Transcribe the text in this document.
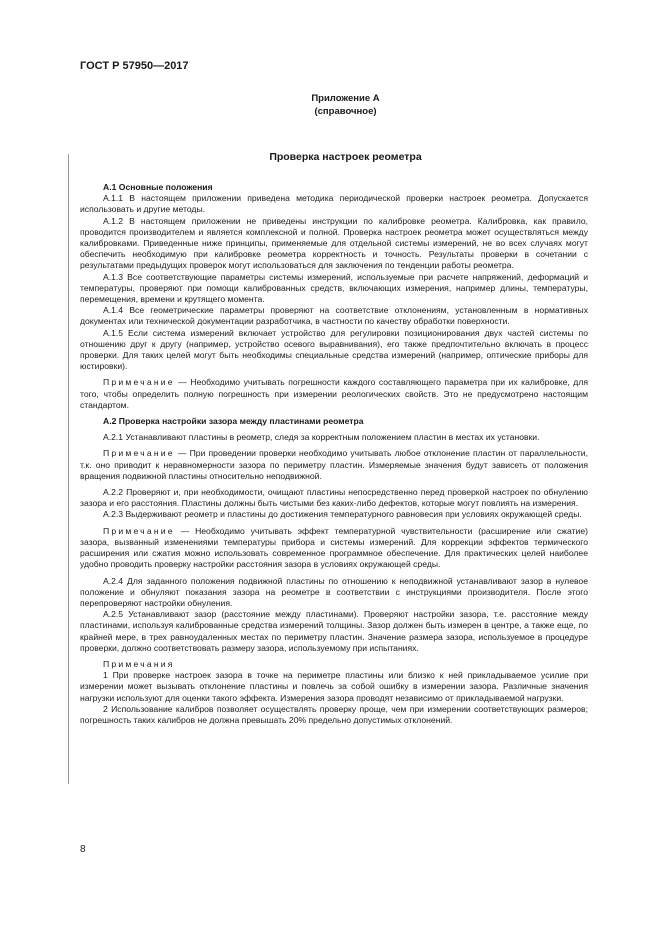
ГОСТ Р 57950—2017
Приложение А
(справочное)
Проверка настроек реометра

А.1 Основные положения

А.1.1 В настоящем приложении приведена методика периодической проверки настроек реометра. Допускается использовать и другие методы.

А.1.2 В настоящем приложении не приведены инструкции по калибровке реометра. Калибровка, как правило, проводится производителем и является комплексной и полной. Проверка настроек реометра может осуществляться между калибровками. Приведенные ниже принципы, применяемые для отдельной системы измерений, не во всех случаях могут обеспечить необходимую при калибровке реометра корректность и точность. Результаты проверки в сочетании с результатами предыдущих проверок могут использоваться для заключения по тенденции работы реометра.

А.1.3 Все соответствующие параметры системы измерений, используемые при расчете напряжений, деформаций и температуры, проверяют при помощи калиброванных средств, включающих измерения, например длины, температуры, перемещения, времени и крутящего момента.

А.1.4 Все геометрические параметры проверяют на соответствие отклонениям, установленным в нормативных документах или технической документации разработчика, в частности по качеству обработки поверхности.

А.1.5 Если система измерений включает устройство для регулировки позиционирования двух частей системы по отношению друг к другу (например, устройство осевого выравнивания), его также предпочтительно включать в процесс проверки. Для таких целей могут быть необходимы специальные средства измерений (например, оптические приборы для юстировки).

Примечание — Необходимо учитывать погрешности каждого составляющего параметра при их калибровке, для того, чтобы определить полную погрешность при измерении реологических свойств. Это не предусмотрено настоящим стандартом.

А.2 Проверка настройки зазора между пластинами реометра

А.2.1 Устанавливают пластины в реометр, следя за корректным положением пластин в местах их установки.

Примечание — При проведении проверки необходимо учитывать любое отклонение пластин от параллельности, т.к. оно приводит к неравномерности зазора по периметру пластин. Измеряемые значения будут зависеть от положения вращения подвижной пластины относительно неподвижной.

А.2.2 Проверяют и, при необходимости, очищают пластины непосредственно перед проверкой настроек по обнулению зазора и его расстояния. Пластины должны быть чистыми без каких-либо дефектов, которые могут повлиять на измерения.

А.2.3 Выдерживают реометр и пластины до достижения температурного равновесия при условиях окружающей среды.

Примечание — Необходимо учитывать эффект температурной чувствительности (расширение или сжатие) зазора, вызванный изменениями температуры прибора и системы измерений. Для коррекции эффектов термического расширения или сжатия можно использовать современное программное обеспечение. Для практических целей наиболее удобно проводить проверку настройки расстояния зазора в условиях окружающей среды.

А.2.4 Для заданного положения подвижной пластины по отношению к неподвижной устанавливают зазор в нулевое положение и обнуляют показания зазора на реометре в соответствии с инструкциями производителя. После этого перепроверяют настройки обнуления.

А.2.5 Устанавливают зазор (расстояние между пластинами). Проверяют настройки зазора, т.е. расстояние между пластинами, используя калиброванные средства измерений толщины. Зазор должен быть измерен в центре, а также еще, по крайней мере, в трех равноудаленных местах по периметру пластин. Значение размера зазора, используемое в процедуре проверки, должно соответствовать размеру зазора, используемому при испытаниях.

Примечания

1 При проверке настроек зазора в точке на периметре пластины или близко к ней прикладываемое усилие при измерении может вызывать отклонение пластины и повлечь за собой ошибку в измерении зазора. Различные значения нагрузки используют для оценки такого эффекта. Измерения зазора проводят независимо от прикладываемой нагрузки.

2 Использование калибров позволяет осуществлять проверку проще, чем при измерении соответствующих размеров; погрешность таких калибров не должна превышать 20% предельно допустимых отклонений.

8
